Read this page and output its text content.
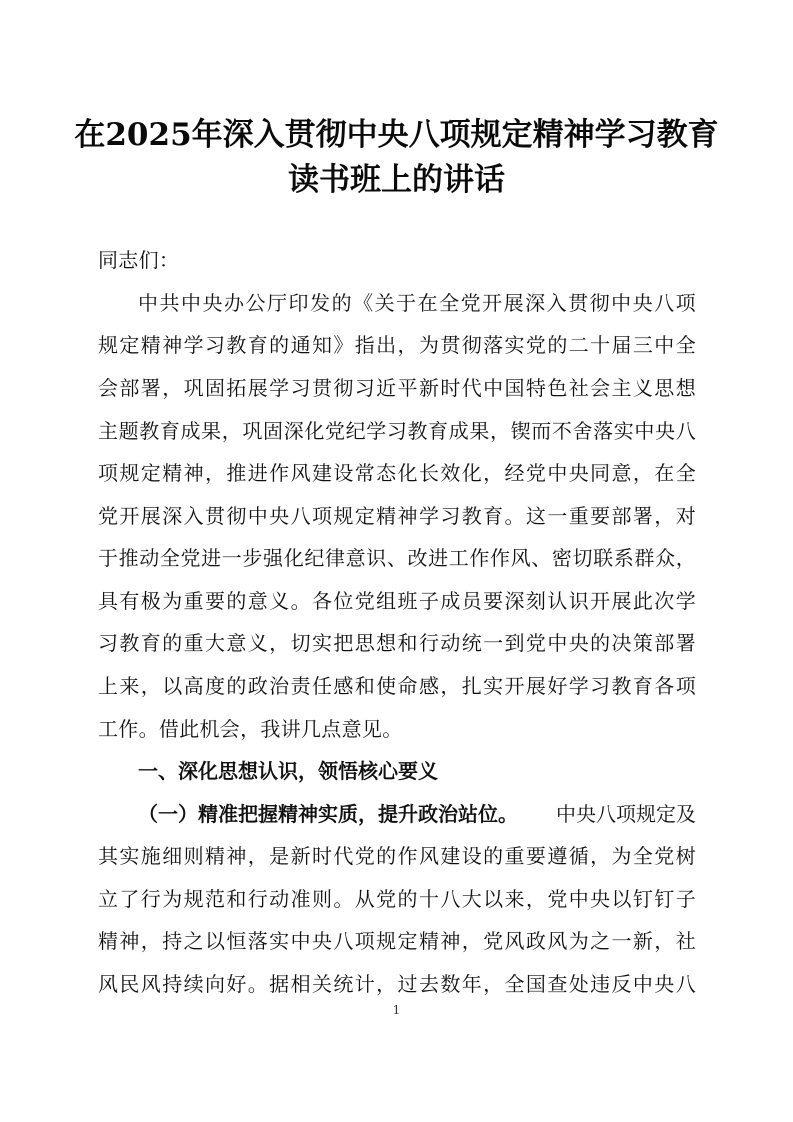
在2025年深入贯彻中央八项规定精神学习教育
读书班上的讲话
同志们：
中共中央办公厅印发的《关于在全党开展深入贯彻中央八项
规定精神学习教育的通知》指出，为贯彻落实党的二十届三中全
会部署，巩固拓展学习贯彻习近平新时代中国特色社会主义思想
主题教育成果，巩固深化党纪学习教育成果，锲而不舍落实中央八
项规定精神，推进作风建设常态化长效化，经党中央同意，在全
党开展深入贯彻中央八项规定精神学习教育。这一重要部署，对
于推动全党进一步强化纪律意识、改进工作作风、密切联系群众，
具有极为重要的意义。各位党组班子成员要深刻认识开展此次学
习教育的重大意义，切实把思想和行动统一到党中央的决策部署
上来，以高度的政治责任感和使命感，扎实开展好学习教育各项
工作。借此机会，我讲几点意见。
一、深化思想认识，领悟核心要义
（一）精准把握精神实质，提升政治站位。 中央八项规定及
其实施细则精神，是新时代党的作风建设的重要遵循，为全党树
立了行为规范和行动准则。从党的十八大以来，党中央以钉钉子
精神，持之以恒落实中央八项规定精神，党风政风为之一新，社
风民风持续向好。据相关统计，过去数年，全国查处违反中央八
1
